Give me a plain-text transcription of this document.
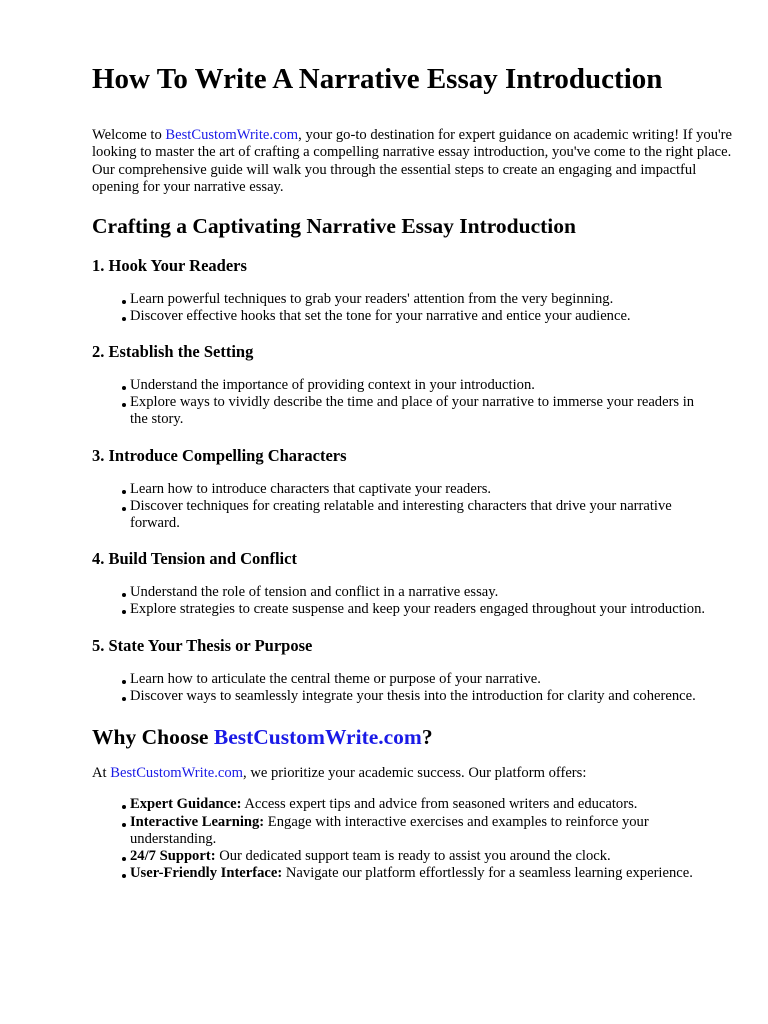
How To Write A Narrative Essay Introduction

Welcome to BestCustomWrite.com, your go-to destination for expert guidance on academic writing! If you're looking to master the art of crafting a compelling narrative essay introduction, you've come to the right place. Our comprehensive guide will walk you through the essential steps to create an engaging and impactful opening for your narrative essay.

Crafting a Captivating Narrative Essay Introduction
1. Hook Your Readers
Learn powerful techniques to grab your readers' attention from the very beginning.
Discover effective hooks that set the tone for your narrative and entice your audience.
2. Establish the Setting
Understand the importance of providing context in your introduction.
Explore ways to vividly describe the time and place of your narrative to immerse your readers in the story.
3. Introduce Compelling Characters
Learn how to introduce characters that captivate your readers.
Discover techniques for creating relatable and interesting characters that drive your narrative forward.
4. Build Tension and Conflict
Understand the role of tension and conflict in a narrative essay.
Explore strategies to create suspense and keep your readers engaged throughout your introduction.
5. State Your Thesis or Purpose
Learn how to articulate the central theme or purpose of your narrative.
Discover ways to seamlessly integrate your thesis into the introduction for clarity and coherence.
Why Choose BestCustomWrite.com?

At BestCustomWrite.com, we prioritize your academic success. Our platform offers:

Expert Guidance: Access expert tips and advice from seasoned writers and educators.
Interactive Learning: Engage with interactive exercises and examples to reinforce your understanding.
24/7 Support: Our dedicated support team is ready to assist you around the clock.
User-Friendly Interface: Navigate our platform effortlessly for a seamless learning experience.
